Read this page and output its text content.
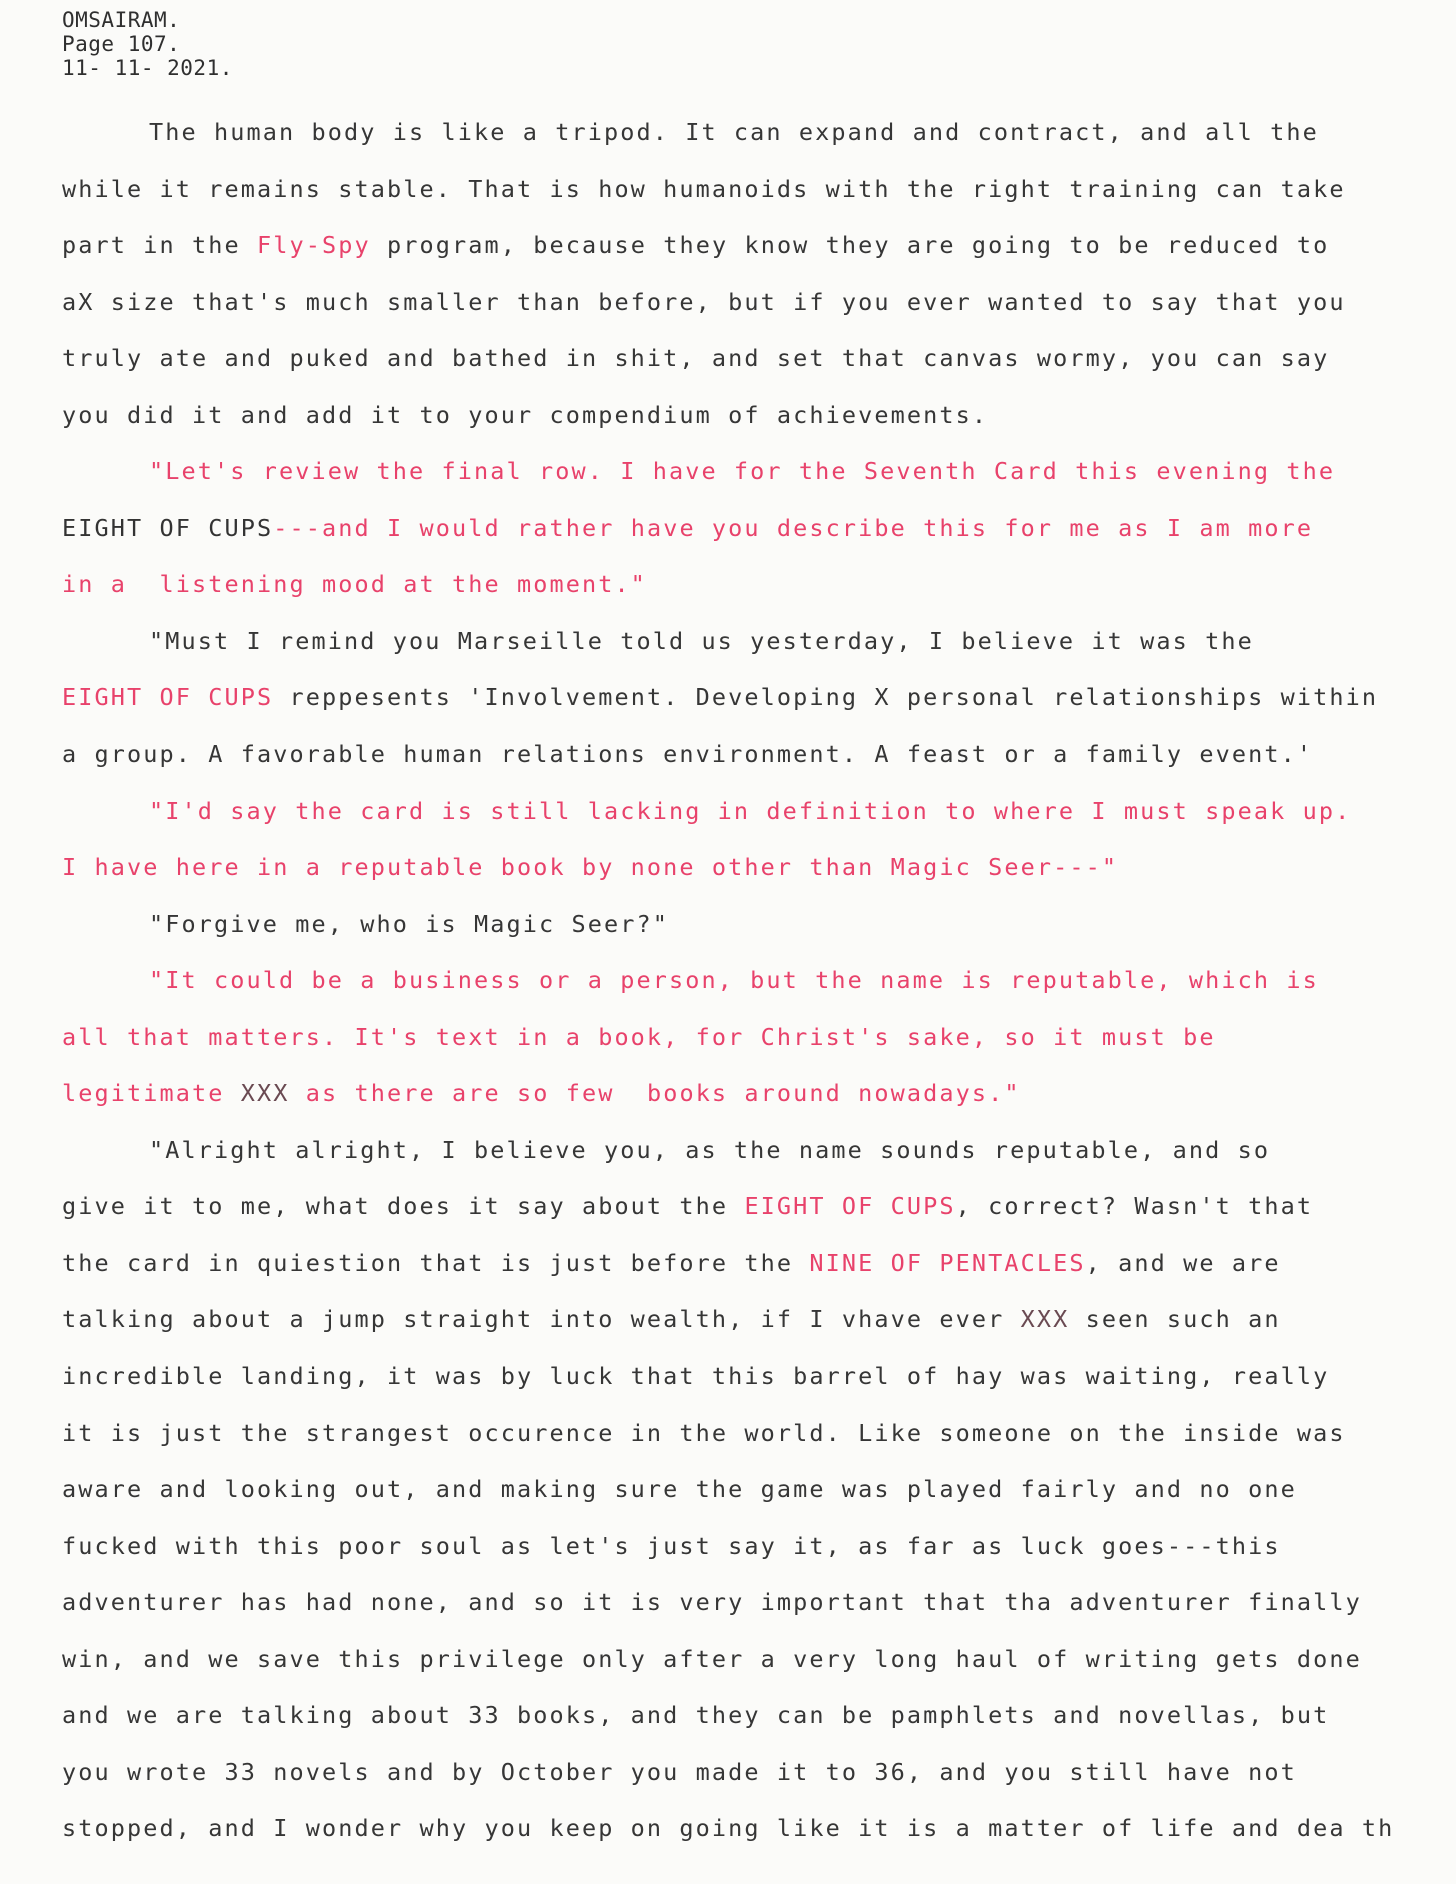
OMSAIRAM.
Page 107.
11- 11- 2021.
The human body is like a tripod. It can expand and contract, and all the
while it remains stable. That is how humanoids with the right training can take
part in the Fly-Spy program, because they know they are going to be reduced to
aX size that's much smaller than before, but if you ever wanted to say that you
truly ate and puked and bathed in shit, and set that canvas wormy, you can say
you did it and add it to your compendium of achievements.
"Let's review the final row. I have for the Seventh Card this evening the
EIGHT OF CUPS---and I would rather have you describe this for me as I am more
in a  listening mood at the moment."
"Must I remind you Marseille told us yesterday, I believe it was the
EIGHT OF CUPS reppesents 'Involvement. Developing X personal relationships within
a group. A favorable human relations environment. A feast or a family event.'
"I'd say the card is still lacking in definition to where I must speak up.
I have here in a reputable book by none other than Magic Seer---"
"Forgive me, who is Magic Seer?"
"It could be a business or a person, but the name is reputable, which is
all that matters. It's text in a book, for Christ's sake, so it must be
legitimate XXX as there are so few  books around nowadays."
"Alright alright, I believe you, as the name sounds reputable, and so
give it to me, what does it say about the EIGHT OF CUPS, correct? Wasn't that
the card in quiestion that is just before the NINE OF PENTACLES, and we are
talking about a jump straight into wealth, if I vhave ever XXX seen such an
incredible landing, it was by luck that this barrel of hay was waiting, really
it is just the strangest occurence in the world. Like someone on the inside was
aware and looking out, and making sure the game was played fairly and no one
fucked with this poor soul as let's just say it, as far as luck goes---this
adventurer has had none, and so it is very important that tha adventurer finally
win, and we save this privilege only after a very long haul of writing gets done
and we are talking about 33 books, and they can be pamphlets and novellas, but
you wrote 33 novels and by October you made it to 36, and you still have not
stopped, and I wonder why you keep on going like it is a matter of life and dea th
